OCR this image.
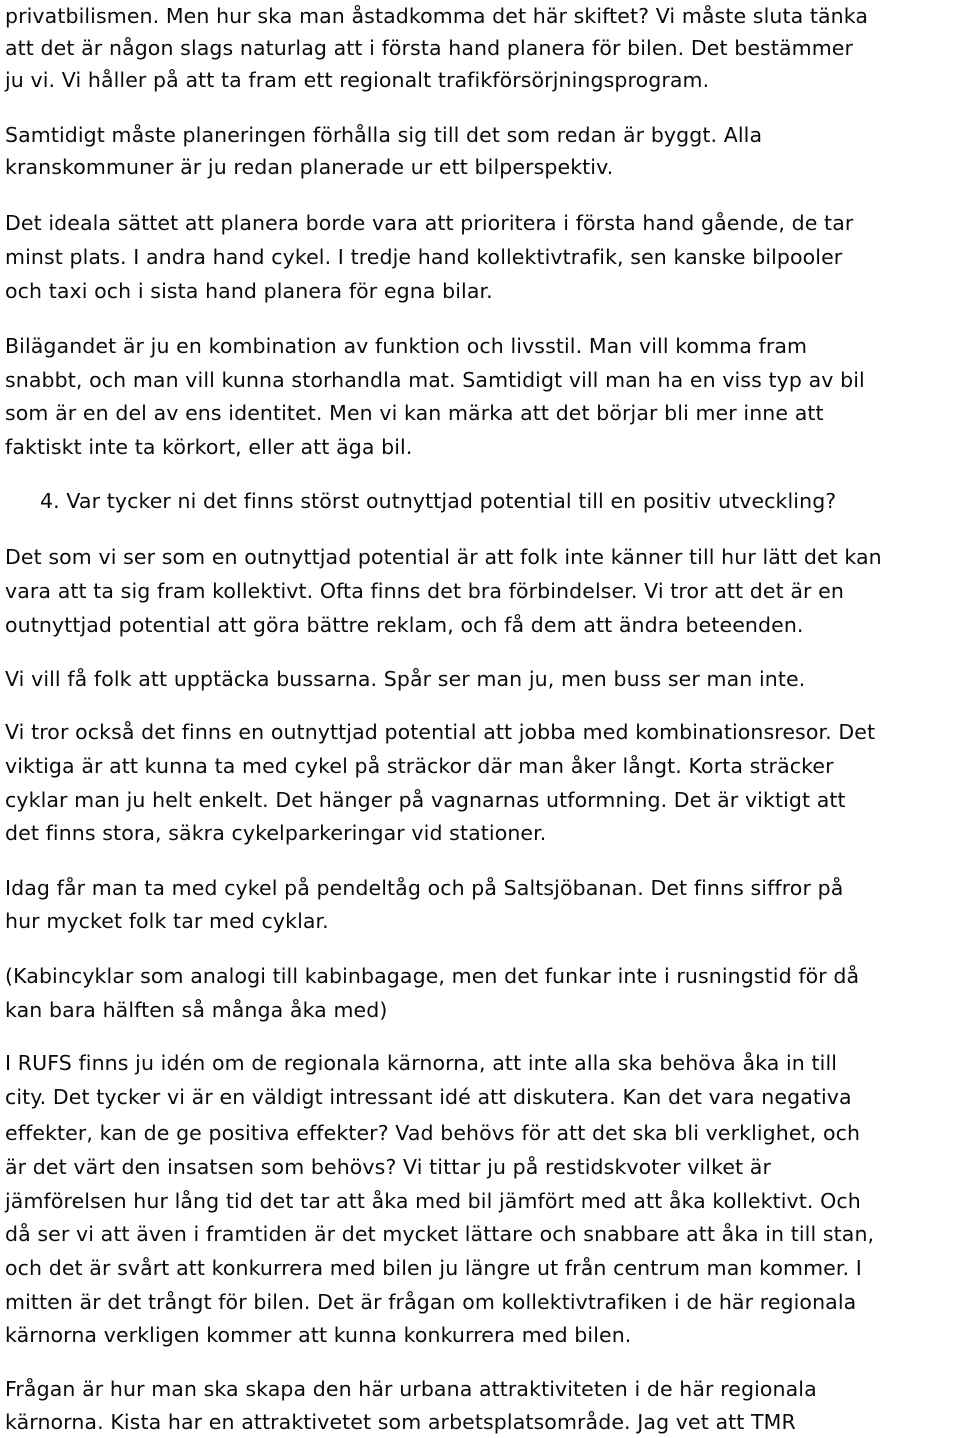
privatbilismen. Men hur ska man åstadkomma det här skiftet? Vi måste sluta tänka
att det är någon slags naturlag att i första hand planera för bilen. Det bestämmer
ju vi. Vi håller på att ta fram ett regionalt trafikförsörjningsprogram.
Samtidigt måste planeringen förhålla sig till det som redan är byggt. Alla
kranskommuner är ju redan planerade ur ett bilperspektiv.
Det ideala sättet att planera borde vara att prioritera i första hand gående, de tar
minst plats. I andra hand cykel. I tredje hand kollektivtrafik, sen kanske bilpooler
och taxi och i sista hand planera för egna bilar.
Bilägandet är ju en kombination av funktion och livsstil. Man vill komma fram
snabbt, och man vill kunna storhandla mat. Samtidigt vill man ha en viss typ av bil
som är en del av ens identitet. Men vi kan märka att det börjar bli mer inne att
faktiskt inte ta körkort, eller att äga bil.
4. Var tycker ni det finns störst outnyttjad potential till en positiv utveckling?
Det som vi ser som en outnyttjad potential är att folk inte känner till hur lätt det kan
vara att ta sig fram kollektivt. Ofta finns det bra förbindelser. Vi tror att det är en
outnyttjad potential att göra bättre reklam, och få dem att ändra beteenden.
Vi vill få folk att upptäcka bussarna. Spår ser man ju, men buss ser man inte.
Vi tror också det finns en outnyttjad potential att jobba med kombinationsresor. Det
viktiga är att kunna ta med cykel på sträckor där man åker långt. Korta sträcker
cyklar man ju helt enkelt. Det hänger på vagnarnas utformning. Det är viktigt att
det finns stora, säkra cykelparkeringar vid stationer.
Idag får man ta med cykel på pendeltåg och på Saltsjöbanan. Det finns siffror på
hur mycket folk tar med cyklar.
(Kabincyklar som analogi till kabinbagage, men det funkar inte i rusningstid för då
kan bara hälften så många åka med)
I RUFS finns ju idén om de regionala kärnorna, att inte alla ska behöva åka in till
city. Det tycker vi är en väldigt intressant idé att diskutera. Kan det vara negativa
effekter, kan de ge positiva effekter? Vad behövs för att det ska bli verklighet, och
är det värt den insatsen som behövs? Vi tittar ju på restidskvoter vilket är
jämförelsen hur lång tid det tar att åka med bil jämfört med att åka kollektivt. Och
då ser vi att även i framtiden är det mycket lättare och snabbare att åka in till stan,
och det är svårt att konkurrera med bilen ju längre ut från centrum man kommer. I
mitten är det trångt för bilen. Det är frågan om kollektivtrafiken i de här regionala
kärnorna verkligen kommer att kunna konkurrera med bilen.
Frågan är hur man ska skapa den här urbana attraktiviteten i de här regionala
kärnorna. Kista har en attraktivetet som arbetsplatsområde. Jag vet att TMR
